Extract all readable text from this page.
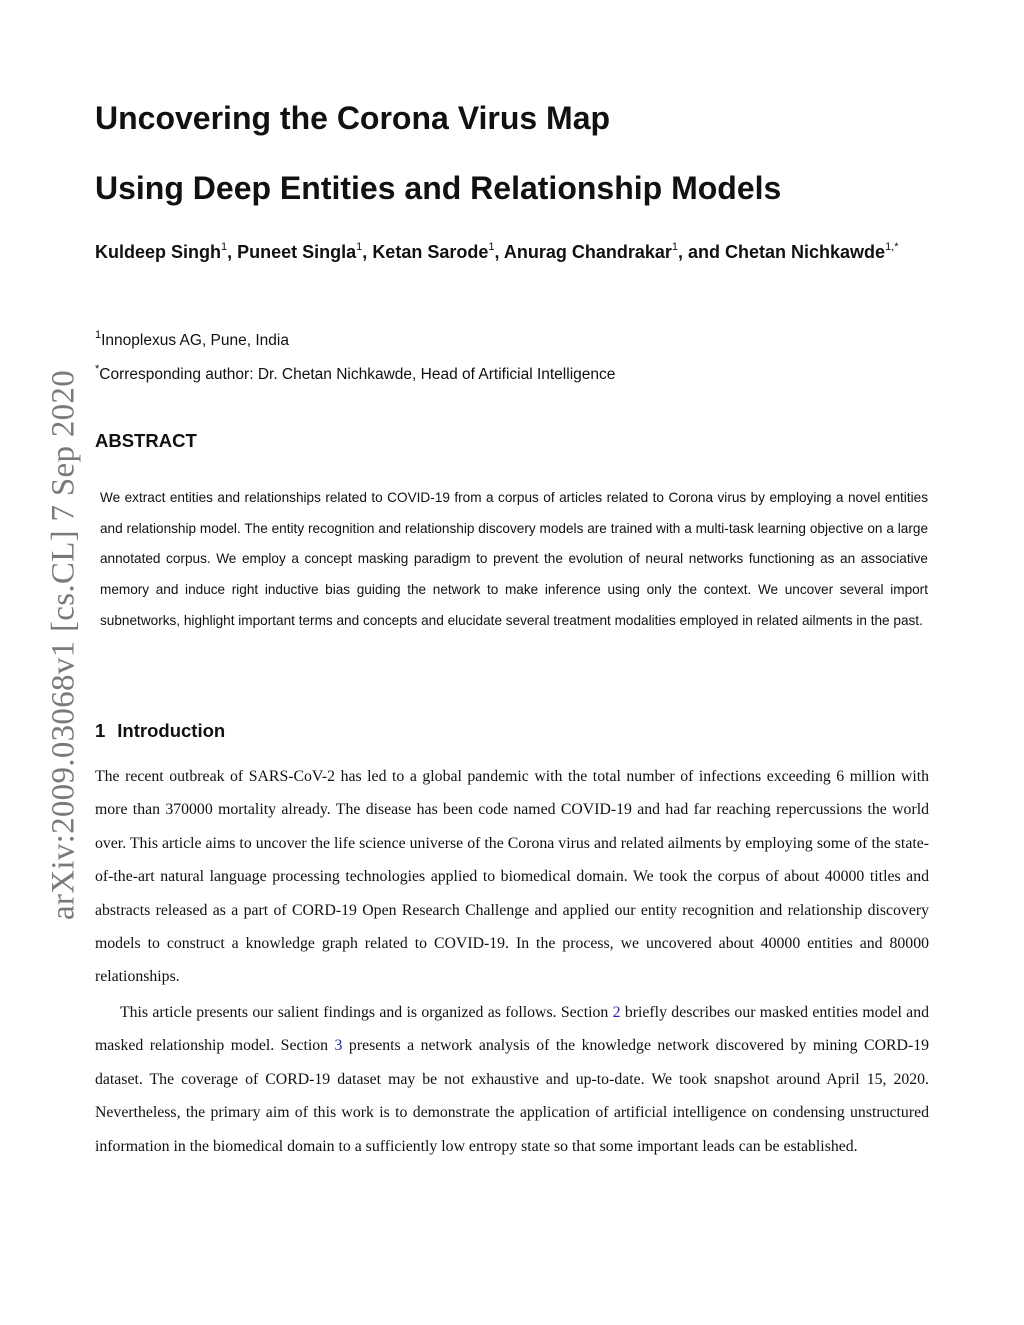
arXiv:2009.03068v1 [cs.CL] 7 Sep 2020
Uncovering the Corona Virus Map
Using Deep Entities and Relationship Models
Kuldeep Singh$^1$, Puneet Singla$^1$, Ketan Sarode$^1$, Anurag Chandrakar$^1$, and Chetan Nichkawde$^{1,*}$
$^1$Innoplexus AG, Pune, India
*Corresponding author: Dr. Chetan Nichkawde, Head of Artificial Intelligence
ABSTRACT

We extract entities and relationships related to COVID-19 from a corpus of articles related to Corona virus by employing a novel entities and relationship model. The entity recognition and relationship discovery models are trained with a multi-task learning objective on a large annotated corpus. We employ a concept masking paradigm to prevent the evolution of neural networks functioning as an associative memory and induce right inductive bias guiding the network to make inference using only the context. We uncover several import subnetworks, highlight important terms and concepts and elucidate several treatment modalities employed in related ailments in the past.

1 Introduction

The recent outbreak of SARS-CoV-2 has led to a global pandemic with the total number of infections exceeding 6 million with more than 370000 mortality already. The disease has been code named COVID-19 and had far reaching repercussions the world over. This article aims to uncover the life science universe of the Corona virus and related ailments by employing some of the state-of-the-art natural language processing technologies applied to biomedical domain. We took the corpus of about 40000 titles and abstracts released as a part of CORD-19 Open Research Challenge and applied our entity recognition and relationship discovery models to construct a knowledge graph related to COVID-19. In the process, we uncovered about 40000 entities and 80000 relationships.

This article presents our salient findings and is organized as follows. Section 2 briefly describes our masked entities model and masked relationship model. Section 3 presents a network analysis of the knowledge network discovered by mining CORD-19 dataset. The coverage of CORD-19 dataset may be not exhaustive and up-to-date. We took snapshot around April 15, 2020. Nevertheless, the primary aim of this work is to demonstrate the application of artificial intelligence on condensing unstructured information in the biomedical domain to a sufficiently low entropy state so that some important leads can be established.
